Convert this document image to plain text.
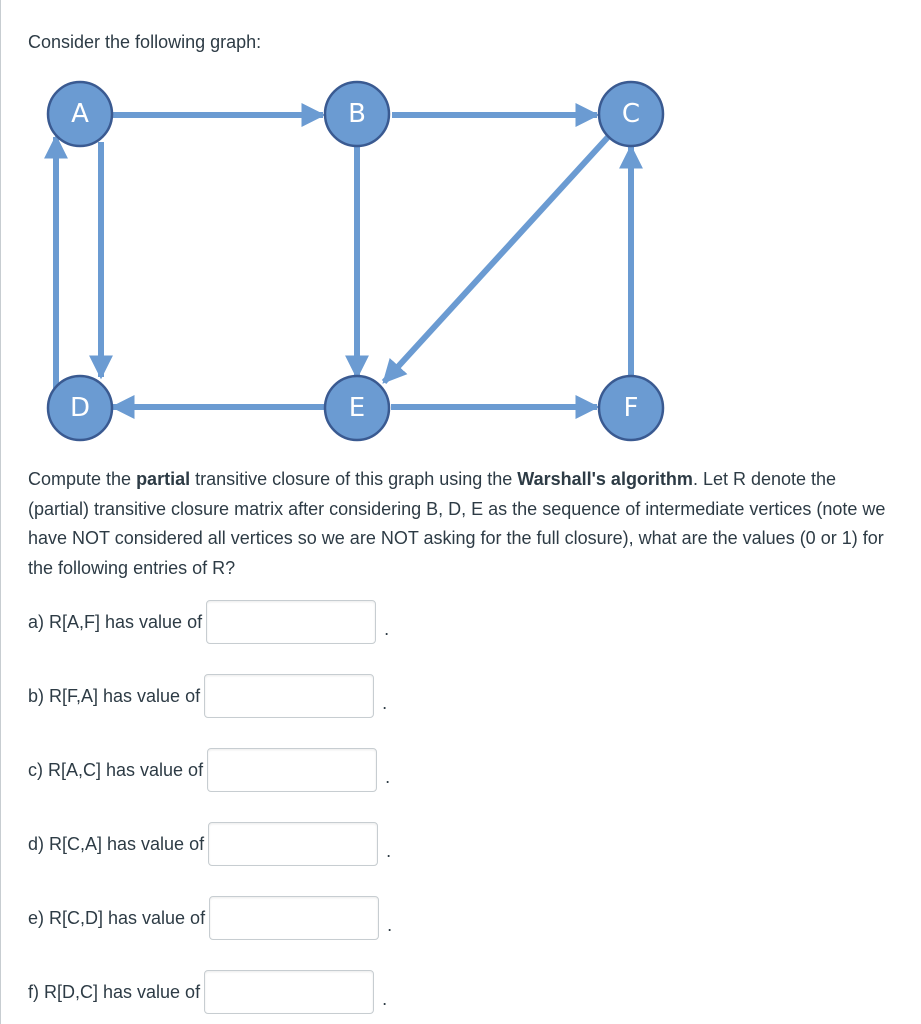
Consider the following graph:

A	B	C
D	E	F

Compute the partial transitive closure of this graph using the Warshall's algorithm. Let R denote the (partial) transitive closure matrix after considering B, D, E as the sequence of intermediate vertices (note we have NOT considered all vertices so we are NOT asking for the full closure), what are the values (0 or 1) for the following entries of R?

a) R[A,F] has value of	.
b) R[F,A] has value of	.
c) R[A,C] has value of	.
d) R[C,A] has value of	.
e) R[C,D] has value of	.
f) R[D,C] has value of	.
